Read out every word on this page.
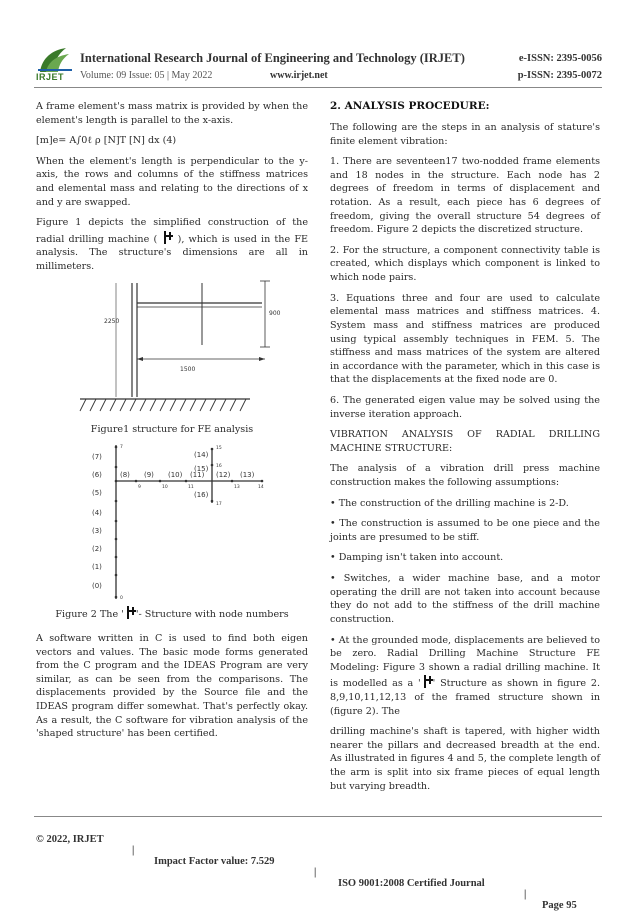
IRJET
International Research Journal of Engineering and Technology (IRJET)	e-ISSN: 2395-0056
Volume: 09 Issue: 05 | May 2022	www.irjet.net	p-ISSN: 2395-0072

A frame element's mass matrix is provided by when the element's length is parallel to the x-axis.

[m]e= A∫0ℓ ρ [N]T [N] dx (4)

When the element's length is perpendicular to the y-axis, the rows and columns of the stiffness matrices and elemental mass and relating to the directions of x and y are swapped.

Figure 1 depicts the simplified construction of the radial drilling machine ( ), which is used in the FE analysis. The structure's dimensions are all in millimeters.

900
1500
2250

Figure1 structure for FE analysis

0
7
9	10	11	13	14
15
16
17
(7)
(6)
(5)
(4)
(3)
(2)
(1)
(0)
(8) (9) (10) (11) (12) (13)
(14)
(15)
(16)

Figure 2 The ' '- Structure with node numbers

A software written in C is used to find both eigen vectors and values. The basic mode forms generated from the C program and the IDEAS Program are very similar, as can be seen from the comparisons. The displacements provided by the Source file and the IDEAS program differ somewhat. That's perfectly okay. As a result, the C software for vibration analysis of the 'shaped structure' has been certified.

2. ANALYSIS PROCEDURE:

The following are the steps in an analysis of stature's finite element vibration:

1. There are seventeen17 two-nodded frame elements and 18 nodes in the structure. Each node has 2 degrees of freedom in terms of displacement and rotation. As a result, each piece has 6 degrees of freedom, giving the overall structure 54 degrees of freedom. Figure 2 depicts the discretized structure.

2. For the structure, a component connectivity table is created, which displays which component is linked to which node pairs.

3. Equations three and four are used to calculate elemental mass matrices and stiffness matrices. 4. System mass and stiffness matrices are produced using typical assembly techniques in FEM. 5. The stiffness and mass matrices of the system are altered in accordance with the parameter, which in this case is that the displacements at the fixed node are 0.

6. The generated eigen value may be solved using the inverse iteration approach.

VIBRATION ANALYSIS OF RADIAL DRILLING MACHINE STRUCTURE:

The analysis of a vibration drill press machine construction makes the following assumptions:

• The construction of the drilling machine is 2-D.

• The construction is assumed to be one piece and the joints are presumed to be stiff.

• Damping isn't taken into account.

• Switches, a wider machine base, and a motor operating the drill are not taken into account because they do not add to the stiffness of the drill machine construction.

• At the grounded mode, displacements are believed to be zero. Radial Drilling Machine Structure FE Modeling: Figure 3 shown a radial drilling machine. It is modelled as a ' ' Structure as shown in figure 2. 8,9,10,11,12,13 of the framed structure shown in (figure 2). The

drilling machine's shaft is tapered, with higher width nearer the pillars and decreased breadth at the end. As illustrated in figures 4 and 5, the complete length of the arm is split into six frame pieces of equal length but varying breadth.

© 2022, IRJET

|

Impact Factor value: 7.529

|

ISO 9001:2008 Certified Journal

|

Page 95
